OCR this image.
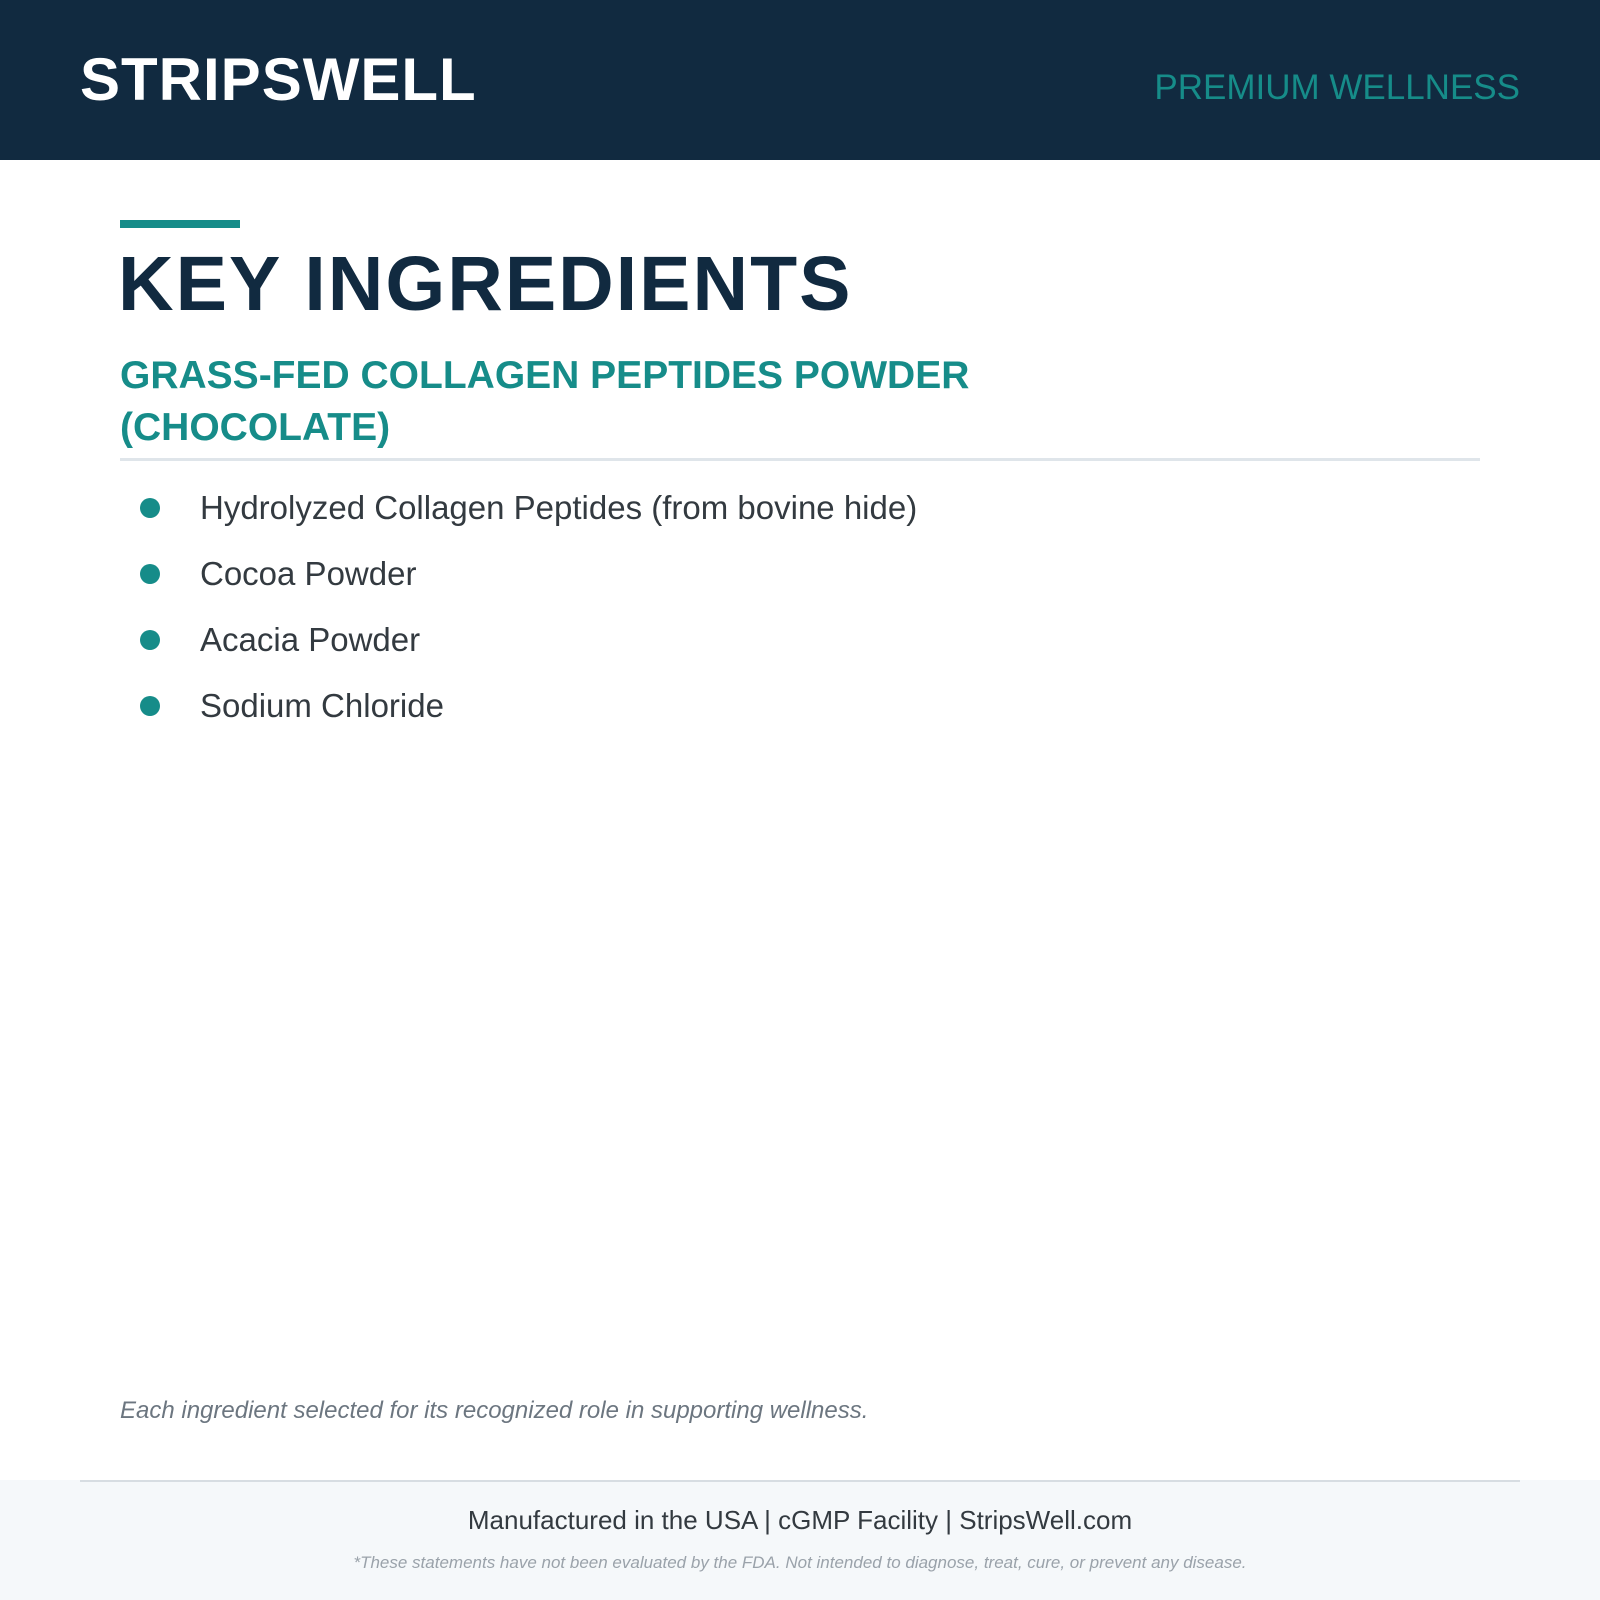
STRIPSWELL	PREMIUM WELLNESS
KEY INGREDIENTS
GRASS-FED COLLAGEN PEPTIDES POWDER (CHOCOLATE)
Hydrolyzed Collagen Peptides (from bovine hide)
Cocoa Powder
Acacia Powder
Sodium Chloride
Each ingredient selected for its recognized role in supporting wellness.
Manufactured in the USA | cGMP Facility | StripsWell.com
*These statements have not been evaluated by the FDA. Not intended to diagnose, treat, cure, or prevent any disease.
